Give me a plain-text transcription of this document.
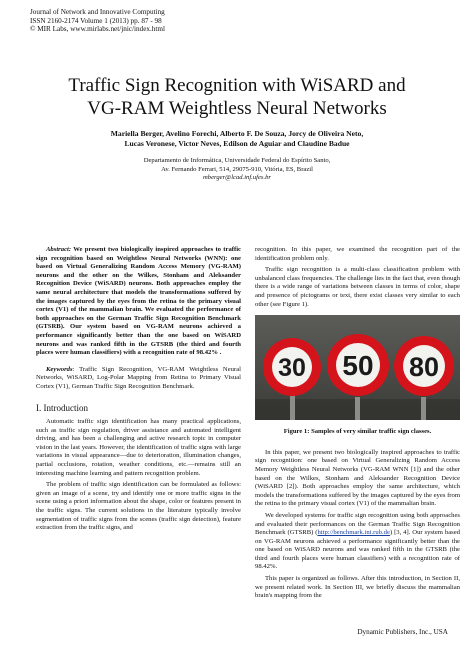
Journal of Network and Innovative Computing
ISSN 2160-2174 Volume 1 (2013) pp. 87 - 98
© MIR Labs, www.mirlabs.net/jnic/index.html
Traffic Sign Recognition with WiSARD and
VG-RAM Weightless Neural Networks
Mariella Berger, Avelino Forechi, Alberto F. De Souza, Jorcy de Oliveira Neto,
Lucas Veronese, Victor Neves, Edilson de Aguiar and Claudine Badue
Departamento de Informática, Universidade Federal do Espírito Santo,
Av. Fernando Ferrari, 514, 29075-910, Vitória, ES, Brazil
mberger@lcad.inf.ufes.br
Abstract: We present two biologically inspired approaches to traffic sign recognition based on Weightless Neural Networks (WNN): one based on Virtual Generalizing Random Access Memory (VG-RAM) neurons and the other on the Wilkes, Stonham and Aleksander Recognition Device (WiSARD) neurons. Both approaches employ the same neural architecture that models the transformations suffered by the images captured by the eyes from the retina to the primary visual cortex (V1) of the mammalian brain. We evaluated the performance of both approaches on the German Traffic Sign Recognition Benchmark (GTSRB). Our system based on VG-RAM neurons achieved a performance significantly better than the one based on WiSARD neurons and was ranked fifth in the GTSRB (the third and fourth places were human classifiers) with a recognition rate of 98.42% .
Keywords: Traffic Sign Recognition, VG-RAM Weightless Neural Networks, WiSARD, Log-Polar Mapping from Retina to Primary Visual Cortex (V1), German Traffic Sign Recognition Benchmark.
I. Introduction

Automatic traffic sign identification has many practical applications, such as traffic sign regulation, driver assistance and automated intelligent driving, and has been a challenging and active research topic in computer vision in the last years. However, the identification of traffic signs with large variations in visual appearance—due to deterioration, illumination changes, partial occlusions, rotation, weather conditions, etc.—remains still an interesting machine learning and pattern recognition problem.

The problem of traffic sign identification can be formulated as follows: given an image of a scene, try and identify one or more traffic signs in the scene using a priori information about the shape, color or features present in the traffic signs. The current solutions in the literature typically involve segmentation of traffic signs from the scenes (traffic sign detection), feature extraction from the traffic signs, and

recognition. In this paper, we examined the recognition part of the identification problem only.

Traffic sign recognition is a multi-class classification problem with unbalanced class frequencies. The challenge lies in the fact that, even though there is a wide range of variations between classes in terms of color, shape and presence of pictograms or text, there exist classes very similar to each other (see Figure 1).

30 50 80
Figure 1: Samples of very similar traffic sign classes.

In this paper, we present two biologically inspired approaches to traffic sign recognition: one based on Virtual Generalizing Random Access Memory Weightless Neural Networks (VG-RAM WNN [1]) and the other based on the Wilkes, Stonham and Aleksander Recognition Device (WiSARD [2]). Both approaches employ the same architecture, which models the transformations suffered by the images captured by the eyes from the retina to the primary visual cortex (V1) of the mammalian brain.

We developed systems for traffic sign recognition using both approaches and evaluated their performances on the German Traffic Sign Recognition Benchmark (GTSRB) (http://benchmark.ini.rub.de) [3, 4]. Our system based on VG-RAM neurons achieved a performance significantly better than the one based on WiSARD neurons and was ranked fifth in the GTSRB (the third and fourth places were human classifiers) with a recognition rate of 98.42%.

This paper is organized as follows. After this introduction, in Section II, we present related work. In Section III, we briefly discuss the mammalian brain's mapping from the

Dynamic Publishers, Inc., USA
